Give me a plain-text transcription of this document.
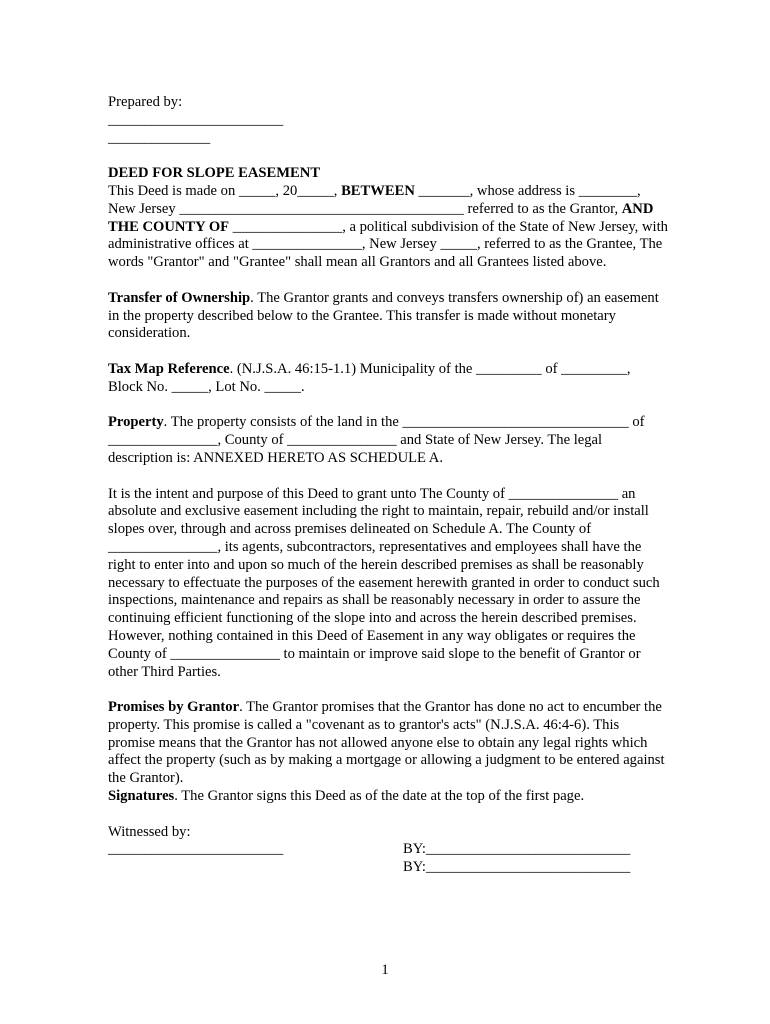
Prepared by:

________________________

______________

DEED FOR SLOPE EASEMENT

This Deed is made on _____, 20_____, BETWEEN _______, whose address is ________, New Jersey _______________________________________ referred to as the Grantor, AND THE COUNTY OF _______________, a political subdivision of the State of New Jersey, with administrative offices at _______________, New Jersey _____, referred to as the Grantee, The words "Grantor" and "Grantee" shall mean all Grantors and all Grantees listed above.

Transfer of Ownership. The Grantor grants and conveys transfers ownership of) an easement in the property described below to the Grantee. This transfer is made without monetary consideration.

Tax Map Reference. (N.J.S.A. 46:15-1.1) Municipality of the _________ of _________, Block No. _____, Lot No. _____.

Property. The property consists of the land in the _______________________________ of _______________, County of _______________ and State of New Jersey. The legal description is: ANNEXED HERETO AS SCHEDULE A.

It is the intent and purpose of this Deed to grant unto The County of _______________ an absolute and exclusive easement including the right to maintain, repair, rebuild and/or install slopes over, through and across premises delineated on Schedule A. The County of _______________, its agents, subcontractors, representatives and employees shall have the right to enter into and upon so much of the herein described premises as shall be reasonably necessary to effectuate the purposes of the easement herewith granted in order to conduct such inspections, maintenance and repairs as shall be reasonably necessary in order to assure the continuing efficient functioning of the slope into and across the herein described premises.

However, nothing contained in this Deed of Easement in any way obligates or requires the County of _______________ to maintain or improve said slope to the benefit of Grantor or other Third Parties.

Promises by Grantor. The Grantor promises that the Grantor has done no act to encumber the property. This promise is called a "covenant as to grantor's acts" (N.J.S.A. 46:4-6). This promise means that the Grantor has not allowed anyone else to obtain any legal rights which affect the property (such as by making a mortgage or allowing a judgment to be entered against the Grantor).

Signatures. The Grantor signs this Deed as of the date at the top of the first page.

Witnessed by:

________________________	BY:____________________________
BY:____________________________
1
